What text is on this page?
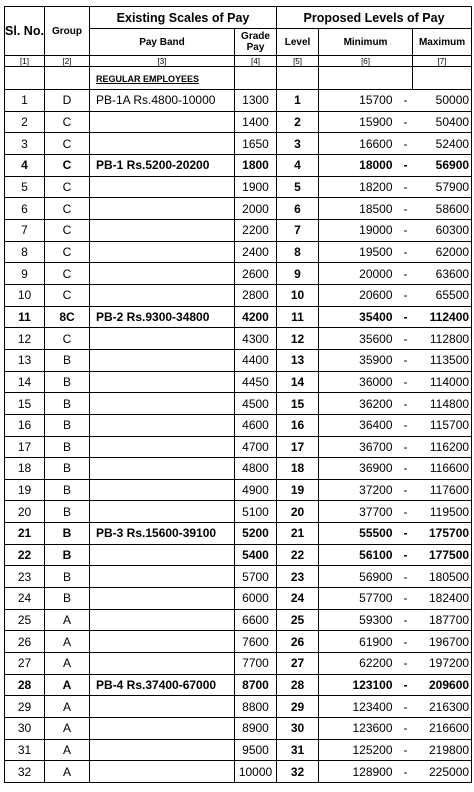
Sl. No.	Group	Existing Scales of Pay		Proposed Levels of Pay			
		Pay Band	Grade Pay	Level	Minimum		Maximum
[1]	[2]	[3]	[4]	[5]	[6]		[7]
		REGULAR EMPLOYEES					
1	D	PB-1A Rs.4800-10000	1300	1	15700	-	50000
2	C		1400	2	15900	-	50400
3	C		1650	3	16600	-	52400
4	C	PB-1 Rs.5200-20200	1800	4	18000	-	56900
5	C		1900	5	18200	-	57900
6	C		2000	6	18500	-	58600
7	C		2200	7	19000	-	60300
8	C		2400	8	19500	-	62000
9	C		2600	9	20000	-	63600
10	C		2800	10	20600	-	65500
11	8C	PB-2 Rs.9300-34800	4200	11	35400	-	112400
12	C		4300	12	35600	-	112800
13	B		4400	13	35900	-	113500
14	B		4450	14	36000	-	114000
15	B		4500	15	36200	-	114800
16	B		4600	16	36400	-	115700
17	B		4700	17	36700	-	116200
18	B		4800	18	36900	-	116600
19	B		4900	19	37200	-	117600
20	B		5100	20	37700	-	119500
21	B	PB-3 Rs.15600-39100	5200	21	55500	-	175700
22	B		5400	22	56100	-	177500
23	B		5700	23	56900	-	180500
24	B		6000	24	57700	-	182400
25	A		6600	25	59300	-	187700
26	A		7600	26	61900	-	196700
27	A		7700	27	62200	-	197200
28	A	PB-4 Rs.37400-67000	8700	28	123100	-	209600
29	A		8800	29	123400	-	216300
30	A		8900	30	123600	-	216600
31	A		9500	31	125200	-	219800
32	A		10000	32	128900	-	225000
